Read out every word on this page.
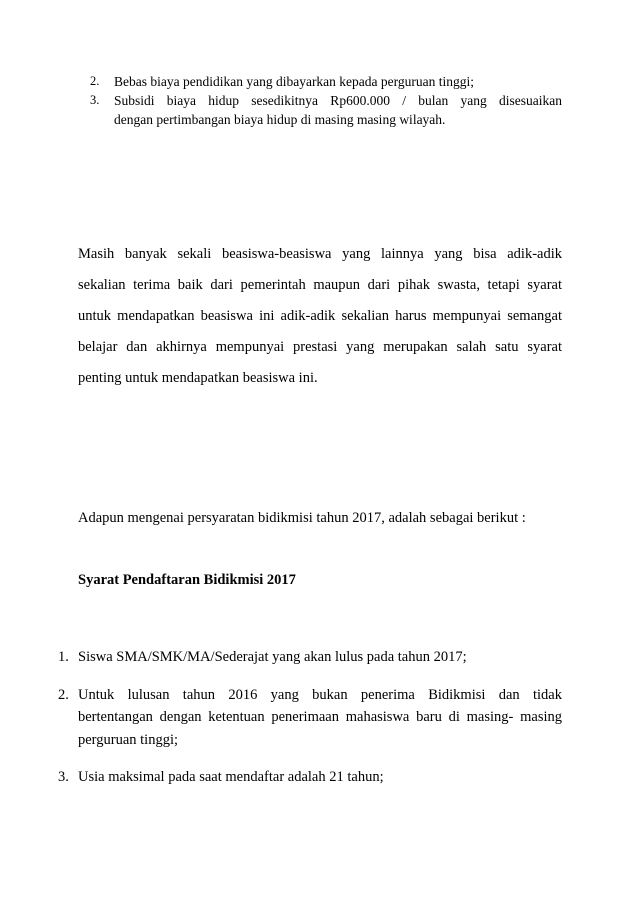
2.	Bebas biaya pendidikan yang dibayarkan kepada perguruan tinggi;
3.	Subsidi biaya hidup sesedikitnya Rp600.000 / bulan yang disesuaikan
dengan pertimbangan biaya hidup di masing masing wilayah.
Masih banyak sekali beasiswa-beasiswa yang lainnya yang bisa adik-adik
sekalian terima baik dari pemerintah maupun dari pihak swasta, tetapi syarat
untuk mendapatkan beasiswa ini adik-adik sekalian harus mempunyai semangat
belajar dan akhirnya mempunyai prestasi yang merupakan salah satu syarat
penting untuk mendapatkan beasiswa ini.
Adapun mengenai persyaratan bidikmisi tahun 2017, adalah sebagai berikut :
Syarat Pendaftaran Bidikmisi 2017
1. Siswa SMA/SMK/MA/Sederajat yang akan lulus pada tahun 2017;
2. Untuk lulusan tahun 2016 yang bukan penerima Bidikmisi dan tidak
bertentangan dengan ketentuan penerimaan mahasiswa baru di masing- masing
perguruan tinggi;
3. Usia maksimal pada saat mendaftar adalah 21 tahun;
